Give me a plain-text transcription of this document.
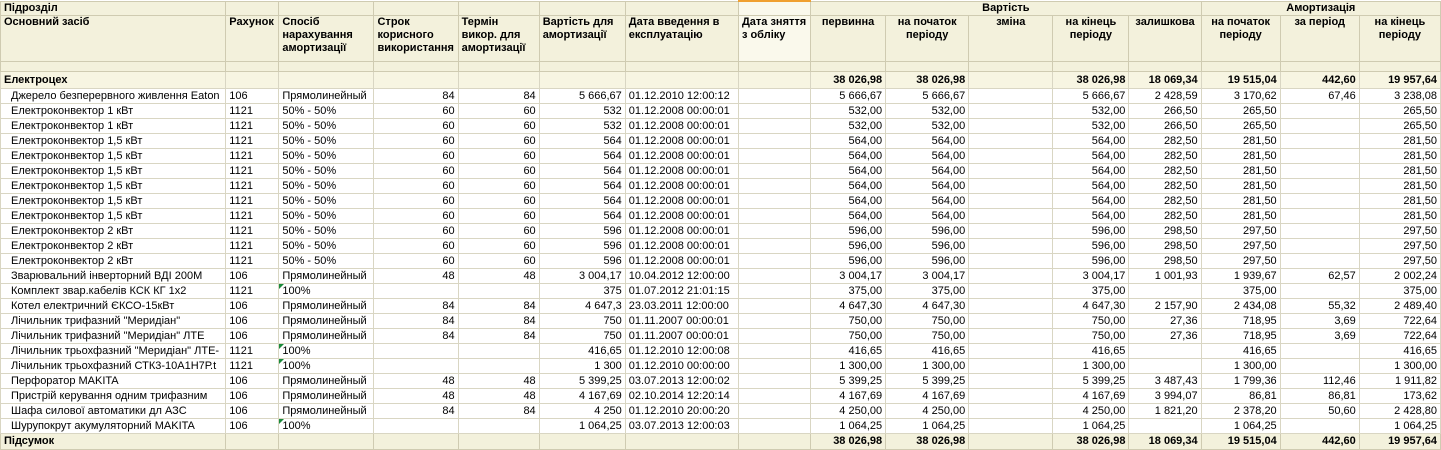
Підрозділ								Вартість					Амортизація		
Основний засіб	Рахунок	Спосіб нарахування амортизації	Строк корисного використання	Термін викор. для амортизації	Вартість для амортизації	Дата введення в експлуатацію	Дата зняття з обліку	первинна	на початок періоду	зміна	на кінець періоду	залишкова	на початок періоду	за період	на кінець періоду

Електроцех								38 026,98	38 026,98		38 026,98	18 069,34	19 515,04	442,60	19 957,64
Джерело безперервного живлення Eaton	106	Прямолинейный	84	84	5 666,67	01.12.2010 12:00:12		5 666,67	5 666,67		5 666,67	2 428,59	3 170,62	67,46	3 238,08
Електроконвектор 1 кВт	1121	50% - 50%	60	60	532	01.12.2008 00:00:01		532,00	532,00		532,00	266,50	265,50		265,50
Електроконвектор 1 кВт	1121	50% - 50%	60	60	532	01.12.2008 00:00:01		532,00	532,00		532,00	266,50	265,50		265,50
Електроконвектор 1,5 кВт	1121	50% - 50%	60	60	564	01.12.2008 00:00:01		564,00	564,00		564,00	282,50	281,50		281,50
Електроконвектор 1,5 кВт	1121	50% - 50%	60	60	564	01.12.2008 00:00:01		564,00	564,00		564,00	282,50	281,50		281,50
Електроконвектор 1,5 кВт	1121	50% - 50%	60	60	564	01.12.2008 00:00:01		564,00	564,00		564,00	282,50	281,50		281,50
Електроконвектор 1,5 кВт	1121	50% - 50%	60	60	564	01.12.2008 00:00:01		564,00	564,00		564,00	282,50	281,50		281,50
Електроконвектор 1,5 кВт	1121	50% - 50%	60	60	564	01.12.2008 00:00:01		564,00	564,00		564,00	282,50	281,50		281,50
Електроконвектор 1,5 кВт	1121	50% - 50%	60	60	564	01.12.2008 00:00:01		564,00	564,00		564,00	282,50	281,50		281,50
Електроконвектор 2 кВт	1121	50% - 50%	60	60	596	01.12.2008 00:00:01		596,00	596,00		596,00	298,50	297,50		297,50
Електроконвектор 2 кВт	1121	50% - 50%	60	60	596	01.12.2008 00:00:01		596,00	596,00		596,00	298,50	297,50		297,50
Електроконвектор 2 кВт	1121	50% - 50%	60	60	596	01.12.2008 00:00:01		596,00	596,00		596,00	298,50	297,50		297,50
Зварювальний інверторний ВДІ 200М	106	Прямолинейный	48	48	3 004,17	10.04.2012 12:00:00		3 004,17	3 004,17		3 004,17	1 001,93	1 939,67	62,57	2 002,24
Комплект звар.кабелів КСК КГ 1х2	1121	100%			375	01.07.2012 21:01:15		375,00	375,00		375,00		375,00		375,00
Котел електричний ЄКСО-15кВт	106	Прямолинейный	84	84	4 647,3	23.03.2011 12:00:00		4 647,30	4 647,30		4 647,30	2 157,90	2 434,08	55,32	2 489,40
Лічильник трифазний "Меридіан"	106	Прямолинейный	84	84	750	01.11.2007 00:00:01		750,00	750,00		750,00	27,36	718,95	3,69	722,64
Лічильник трифазний "Меридіан" ЛТЕ	106	Прямолинейный	84	84	750	01.11.2007 00:00:01		750,00	750,00		750,00	27,36	718,95	3,69	722,64
Лічильник трьохфазний "Меридіан" ЛТЕ-	1121	100%			416,65	01.12.2010 12:00:08		416,65	416,65		416,65		416,65		416,65
Лічильник трьохфазний СТК3-10А1Н7Р.t	1121	100%			1 300	01.12.2010 00:00:00		1 300,00	1 300,00		1 300,00		1 300,00		1 300,00
Перфоратор MAKITA	106	Прямолинейный	48	48	5 399,25	03.07.2013 12:00:02		5 399,25	5 399,25		5 399,25	3 487,43	1 799,36	112,46	1 911,82
Пристрій керування одним трифазним	106	Прямолинейный	48	48	4 167,69	02.10.2014 12:20:14		4 167,69	4 167,69		4 167,69	3 994,07	86,81	86,81	173,62
Шафа силової автоматики дл АЗС	106	Прямолинейный	84	84	4 250	01.12.2010 20:00:20		4 250,00	4 250,00		4 250,00	1 821,20	2 378,20	50,60	2 428,80
Шурупокрут акумуляторний MAKITA	106	100%			1 064,25	03.07.2013 12:00:03		1 064,25	1 064,25		1 064,25		1 064,25		1 064,25
Підсумок								38 026,98	38 026,98		38 026,98	18 069,34	19 515,04	442,60	19 957,64
